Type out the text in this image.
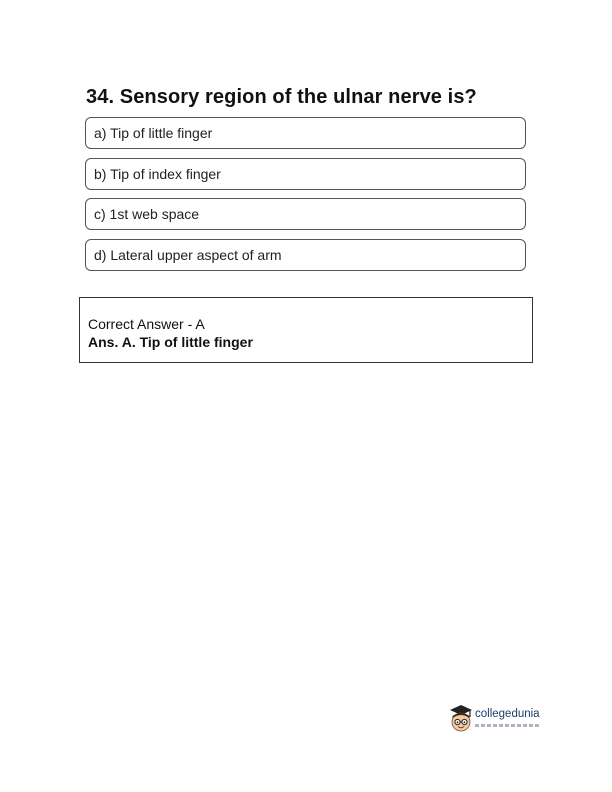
34. Sensory region of the ulnar nerve is?
a) Tip of little finger
b) Tip of index finger
c) 1st web space
d) Lateral upper aspect of arm
Correct Answer - A
Ans. A. Tip of little finger
collegedunia
